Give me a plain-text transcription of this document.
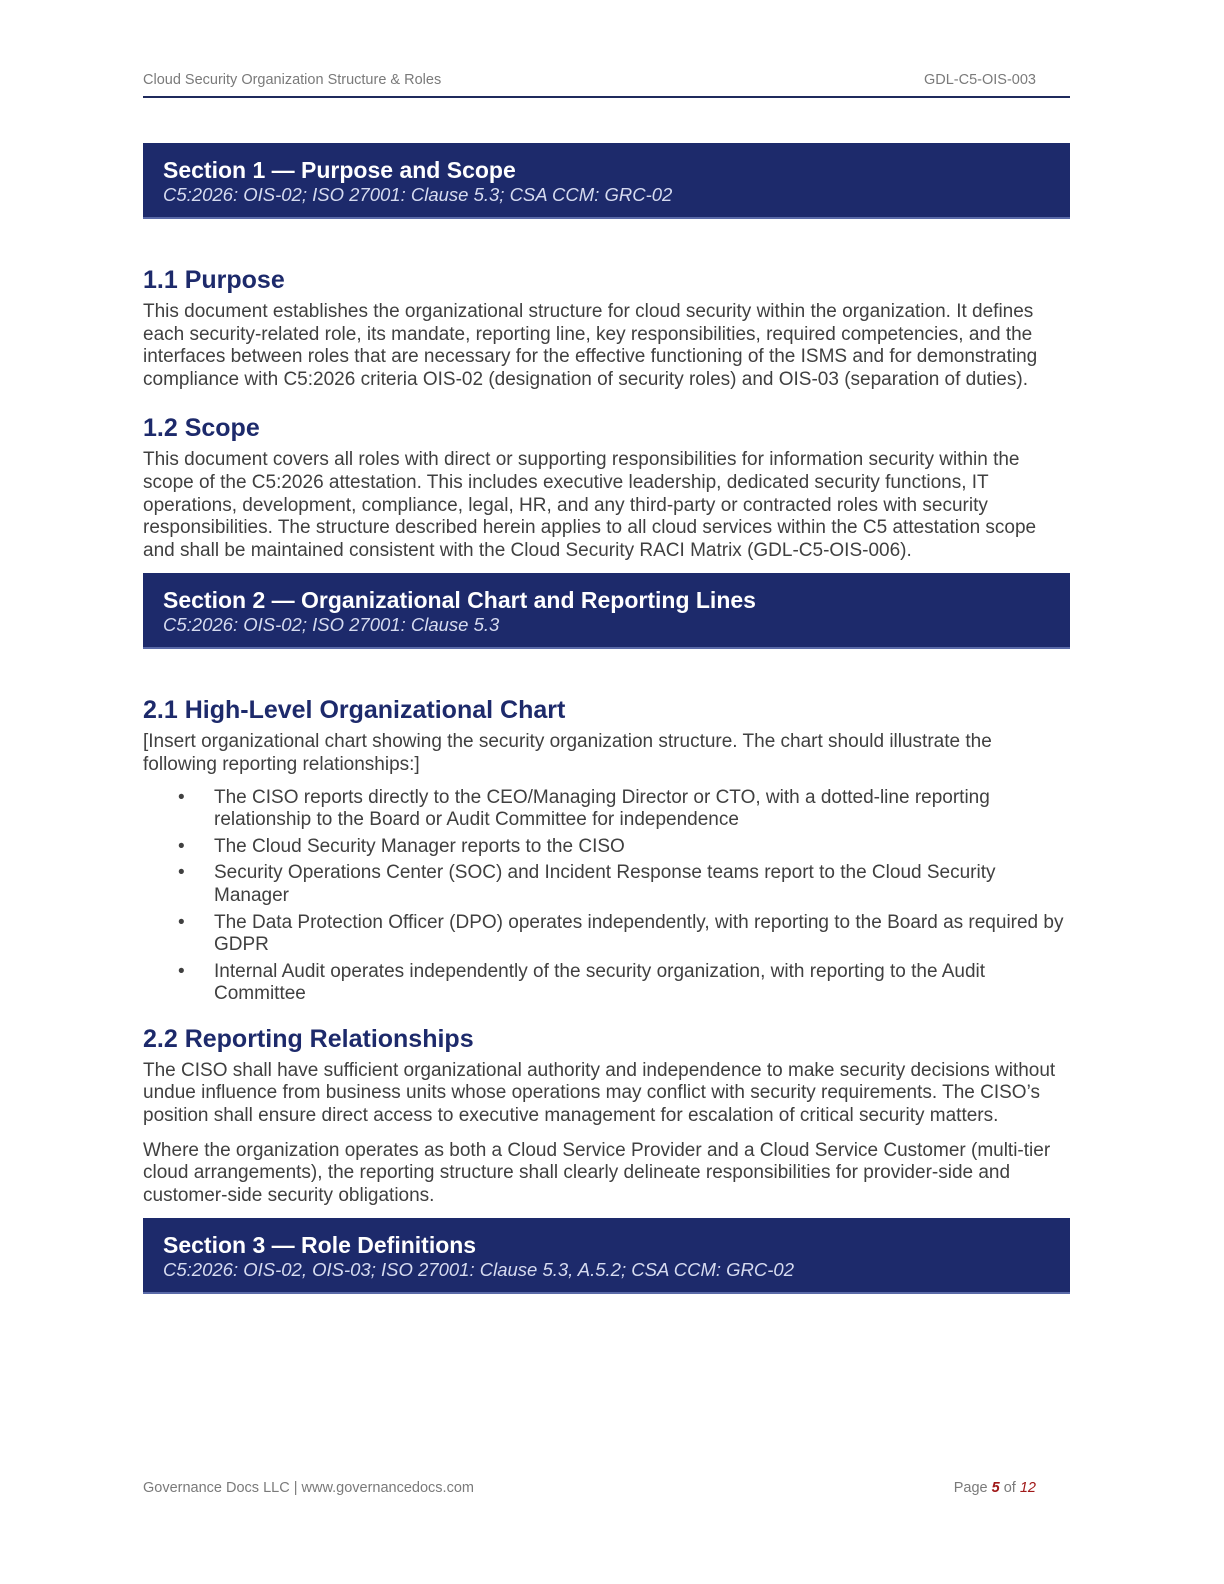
Cloud Security Organization Structure & Roles	GDL-C5-OIS-003
Section 1 — Purpose and Scope
C5:2026: OIS-02; ISO 27001: Clause 5.3; CSA CCM: GRC-02
1.1 Purpose

This document establishes the organizational structure for cloud security within the organization. It defines each security-related role, its mandate, reporting line, key responsibilities, required competencies, and the interfaces between roles that are necessary for the effective functioning of the ISMS and for demonstrating compliance with C5:2026 criteria OIS-02 (designation of security roles) and OIS-03 (separation of duties).

1.2 Scope

This document covers all roles with direct or supporting responsibilities for information security within the scope of the C5:2026 attestation. This includes executive leadership, dedicated security functions, IT operations, development, compliance, legal, HR, and any third-party or contracted roles with security responsibilities. The structure described herein applies to all cloud services within the C5 attestation scope and shall be maintained consistent with the Cloud Security RACI Matrix (GDL-C5-OIS-006).

Section 2 — Organizational Chart and Reporting Lines
C5:2026: OIS-02; ISO 27001: Clause 5.3
2.1 High-Level Organizational Chart

[Insert organizational chart showing the security organization structure. The chart should illustrate the following reporting relationships:]

• The CISO reports directly to the CEO/Managing Director or CTO, with a dotted-line reporting relationship to the Board or Audit Committee for independence
• The Cloud Security Manager reports to the CISO
• Security Operations Center (SOC) and Incident Response teams report to the Cloud Security Manager
• The Data Protection Officer (DPO) operates independently, with reporting to the Board as required by GDPR
• Internal Audit operates independently of the security organization, with reporting to the Audit Committee
2.2 Reporting Relationships

The CISO shall have sufficient organizational authority and independence to make security decisions without undue influence from business units whose operations may conflict with security requirements. The CISO’s position shall ensure direct access to executive management for escalation of critical security matters.

Where the organization operates as both a Cloud Service Provider and a Cloud Service Customer (multi-tier cloud arrangements), the reporting structure shall clearly delineate responsibilities for provider-side and customer-side security obligations.

Section 3 — Role Definitions
C5:2026: OIS-02, OIS-03; ISO 27001: Clause 5.3, A.5.2; CSA CCM: GRC-02
Governance Docs LLC | www.governancedocs.com	Page 5 of 12
